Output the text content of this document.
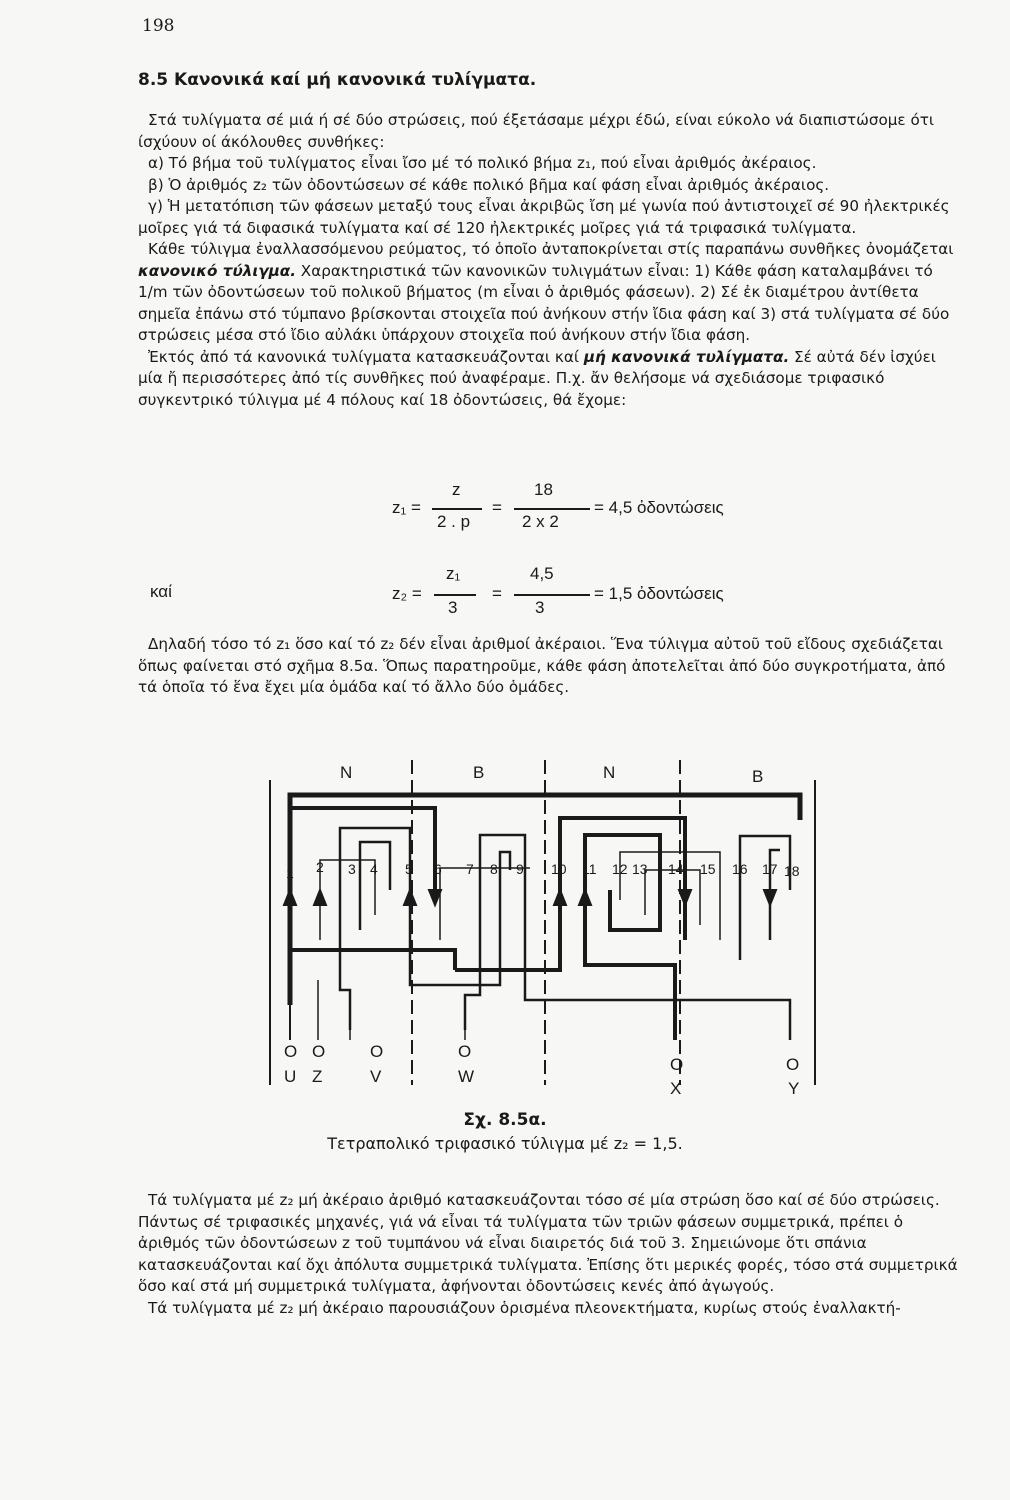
198
8.5 Κανονικά καί μή κανονικά τυλίγματα.

Στά τυλίγματα σέ μιά ή σέ δύο στρώσεις, πού έξετάσαμε μέχρι έδώ, είναι εύκολο νά διαπιστώσομε ότι ίσχύουν οί άκόλουθες συνθήκες:

α) Τό βήμα τοῦ τυλίγματος εἶναι ἴσο μέ τό πολικό βήμα z₁, πού εἶναι ἀριθμός ἀκέραιος.

β) Ὁ ἀριθμός z₂ τῶν ὀδοντώσεων σέ κάθε πολικό βῆμα καί φάση εἶναι ἀριθμός ἀκέραιος.

γ) Ἡ μετατόπιση τῶν φάσεων μεταξύ τους εἶναι ἀκριβῶς ἴση μέ γωνία πού ἀντιστοιχεῖ σέ 90 ἠλεκτρικές μοῖρες γιά τά διφασικά τυλίγματα καί σέ 120 ἠλεκτρικές μοῖρες γιά τά τριφασικά τυλίγματα.

Κάθε τύλιγμα ἐναλλασσόμενου ρεύματος, τό ὁποῖο ἀνταποκρίνεται στίς παραπάνω συνθῆκες ὀνομάζεται κανονικό τύλιγμα. Χαρακτηριστικά τῶν κανονικῶν τυλιγμάτων εἶναι: 1) Κάθε φάση καταλαμβάνει τό 1/m τῶν ὀδοντώσεων τοῦ πολικοῦ βήματος (m εἶναι ὁ ἀριθμός φάσεων). 2) Σέ ἐκ διαμέτρου ἀντίθετα σημεῖα ἐπάνω στό τύμπανο βρίσκονται στοιχεῖα πού ἀνήκουν στήν ἴδια φάση καί 3) στά τυλίγματα σέ δύο στρώσεις μέσα στό ἴδιο αὐλάκι ὑπάρχουν στοιχεῖα πού ἀνήκουν στήν ἴδια φάση.

Ἐκτός ἀπό τά κανονικά τυλίγματα κατασκευάζονται καί μή κανονικά τυλίγματα. Σέ αὐτά δέν ἰσχύει μία ἤ περισσότερες ἀπό τίς συνθῆκες πού ἀναφέραμε. Π.χ. ἄν θελήσομε νά σχεδιάσομε τριφασικό συγκεντρικό τύλιγμα μέ 4 πόλους καί 18 ὀδοντώσεις, θά ἔχομε:

z₁ =
z
2 . p
=
18
2 x 2
= 4,5 ὀδοντώσεις
καί	z₂ =
z₁
3
=
4,5
3
= 1,5 ὀδοντώσεις

Δηλαδή τόσο τό z₁ ὅσο καί τό z₂ δέν εἶναι ἀριθμοί ἀκέραιοι. Ἕνα τύλιγμα αὐτοῦ τοῦ εἴδους σχεδιάζεται ὅπως φαίνεται στό σχῆμα 8.5α. Ὅπως παρατηροῦμε, κάθε φάση ἀποτελεῖται ἀπό δύο συγκροτήματα, ἀπό τά ὁποῖα τό ἕνα ἔχει μία ὁμάδα καί τό ἄλλο δύο ὁμάδες.

N	B	N	B
1 2 3 4 5 6 7 8 9 10 11 12 13 14 15 16 17 18
O O	O	O
O	O
U Z	V	W
X	Y
Σχ. 8.5α.
Τετραπολικό τριφασικό τύλιγμα μέ z₂ = 1,5.

Τά τυλίγματα μέ z₂ μή ἀκέραιο ἀριθμό κατασκευάζονται τόσο σέ μία στρώση ὅσο καί σέ δύο στρώσεις. Πάντως σέ τριφασικές μηχανές, γιά νά εἶναι τά τυλίγματα τῶν τριῶν φάσεων συμμετρικά, πρέπει ὁ ἀριθμός τῶν ὀδοντώσεων z τοῦ τυμπάνου νά εἶναι διαιρετός διά τοῦ 3. Σημειώνομε ὅτι σπάνια κατασκευάζονται καί ὄχι ἀπόλυτα συμμετρικά τυλίγματα. Ἐπίσης ὅτι μερικές φορές, τόσο στά συμμετρικά ὅσο καί στά μή συμμετρικά τυλίγματα, ἀφήνονται ὀδοντώσεις κενές ἀπό ἀγωγούς.

Τά τυλίγματα μέ z₂ μή ἀκέραιο παρουσιάζουν ὁρισμένα πλεονεκτήματα, κυρίως στούς ἐναλλακτή-
